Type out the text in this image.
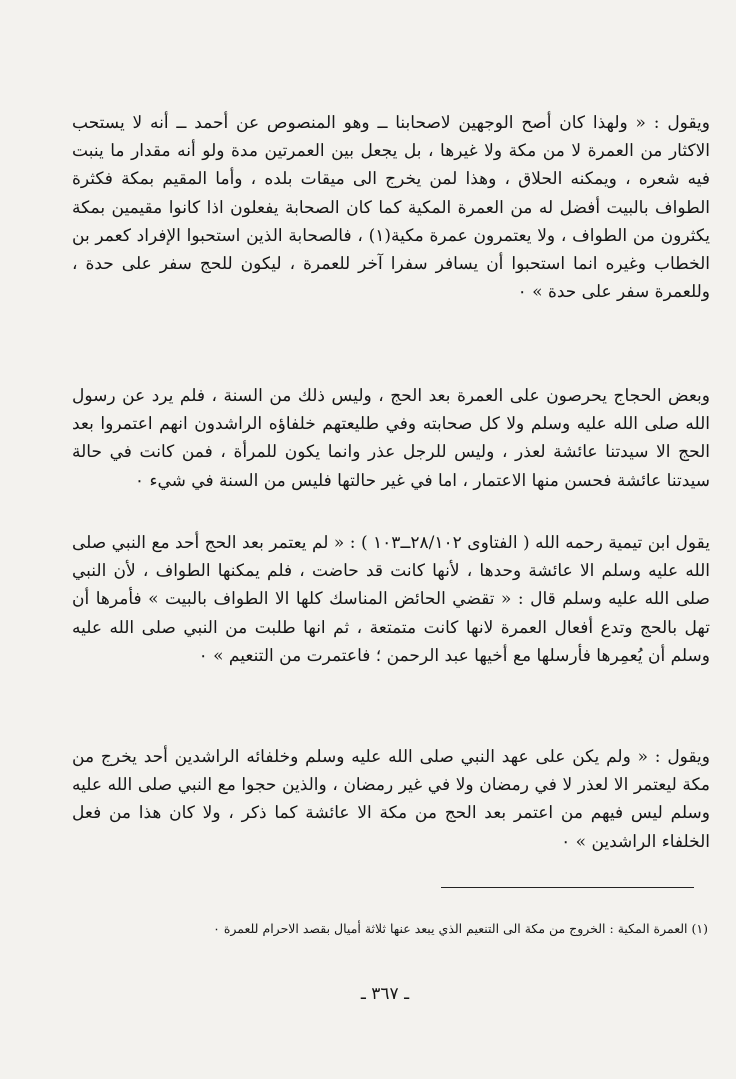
ويقول : « ولهذا كان أصح الوجهين لاصحابنا ــ وهو المنصوص عن أحمد ــ أنه لا يستحب الاكثار من العمرة لا من مكة ولا غيرها ، بل يجعل بين العمرتين مدة ولو أنه مقدار ما ينبت فيه شعره ، ويمكنه الحلاق ، وهذا لمن يخرج الى ميقات بلده ، وأما المقيم بمكة فكثرة الطواف بالبيت أفضل له من العمرة المكية كما كان الصحابة يفعلون اذا كانوا مقيمين بمكة يكثرون من الطواف ، ولا يعتمرون عمرة مكية(١) ، فالصحابة الذين استحبوا الإفراد كعمر بن الخطاب وغيره انما استحبوا أن يسافر سفرا آخر للعمرة ، ليكون للحج سفر على حدة ، وللعمرة سفر على حدة » ٠

وبعض الحجاج يحرصون على العمرة بعد الحج ، وليس ذلك من السنة ، فلم يرد عن رسول الله صلى الله عليه وسلم ولا كل صحابته وفي طليعتهم خلفاؤه الراشدون انهم اعتمروا بعد الحج الا سيدتنا عائشة لعذر ، وليس للرجل عذر وانما يكون للمرأة ، فمن كانت في حالة سيدتنا عائشة فحسن منها الاعتمار ، اما في غير حالتها فليس من السنة في شيء ٠

يقول ابن تيمية رحمه الله ( الفتاوى ٢٨/١٠٢ــ١٠٣ ) : « لم يعتمر بعد الحج أحد مع النبي صلى الله عليه وسلم الا عائشة وحدها ، لأنها كانت قد حاضت ، فلم يمكنها الطواف ، لأن النبي صلى الله عليه وسلم قال : « تقضي الحائض المناسك كلها الا الطواف بالبيت » فأمرها أن تهل بالحج وتدع أفعال العمرة لانها كانت متمتعة ، ثم انها طلبت من النبي صلى الله عليه وسلم أن يُعمِرها فأرسلها مع أخيها عبد الرحمن ؛ فاعتمرت من التنعيم » ٠

ويقول : « ولم يكن على عهد النبي صلى الله عليه وسلم وخلفائه الراشدين أحد يخرج من مكة ليعتمر الا لعذر لا في رمضان ولا في غير رمضان ، والذين حجوا مع النبي صلى الله عليه وسلم ليس فيهم من اعتمر بعد الحج من مكة الا عائشة كما ذكر ، ولا كان هذا من فعل الخلفاء الراشدين » ٠

(١) العمرة المكية : الخروج من مكة الى التنعيم الذي يبعد عنها ثلاثة أميال بقصد الاحرام للعمرة ٠

ـ ٣٦٧ ـ
